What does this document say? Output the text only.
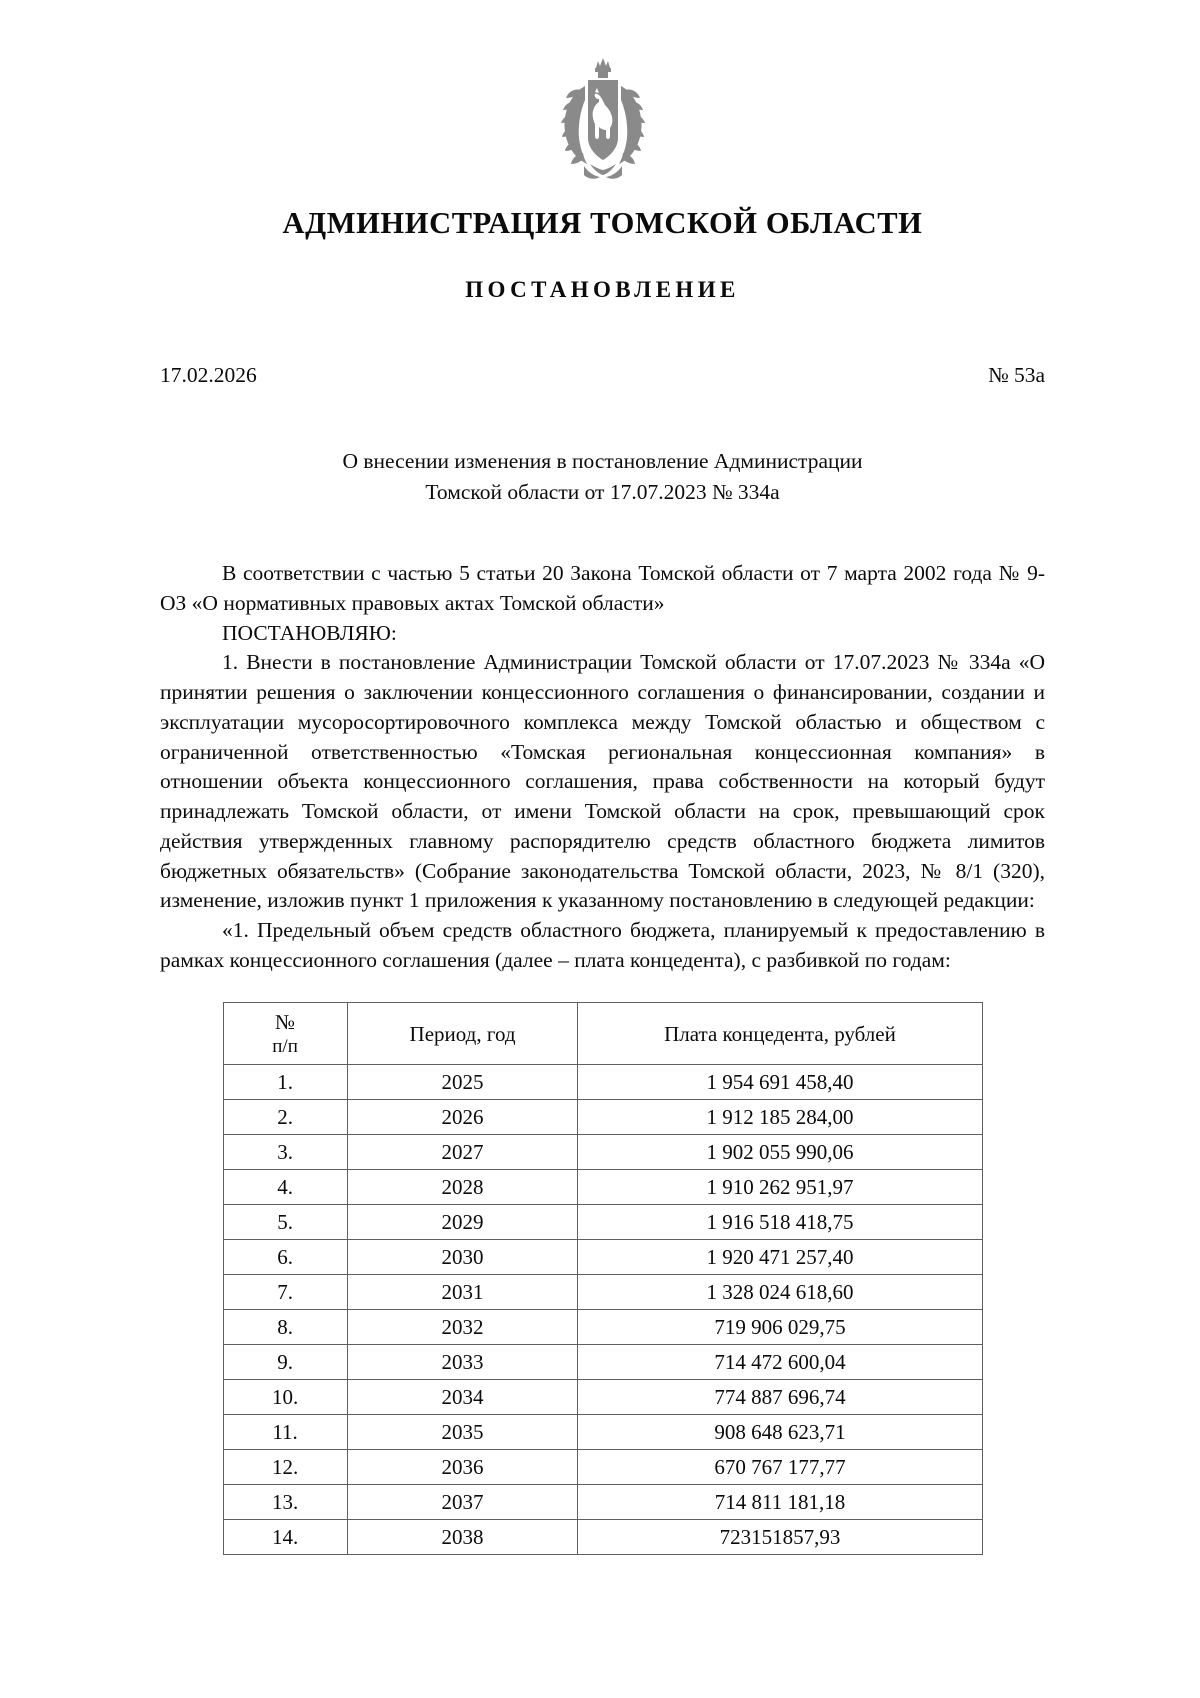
АДМИНИСТРАЦИЯ ТОМСКОЙ ОБЛАСТИ
ПОСТАНОВЛЕНИЕ
17.02.2026	№ 53а
О внесении изменения в постановление Администрации
Томской области от 17.07.2023 № 334а

В соответствии с частью 5 статьи 20 Закона Томской области от 7 марта 2002 года № 9-ОЗ «О нормативных правовых актах Томской области»

ПОСТАНОВЛЯЮ:

1. Внести в постановление Администрации Томской области от 17.07.2023 № 334а «О принятии решения о заключении концессионного соглашения о финансировании, создании и эксплуатации мусоросортировочного комплекса между Томской областью и обществом с ограниченной ответственностью «Томская региональная концессионная компания» в отношении объекта концессионного соглашения, права собственности на который будут принадлежать Томской области, от имени Томской области на срок, превышающий срок действия утвержденных главному распорядителю средств областного бюджета лимитов бюджетных обязательств» (Собрание законодательства Томской области, 2023, № 8/1 (320), изменение, изложив пункт 1 приложения к указанному постановлению в следующей редакции:

«1. Предельный объем средств областного бюджета, планируемый к предоставлению в рамках концессионного соглашения (далее – плата концедента), с разбивкой по годам:

№
п/п	Период, год	Плата концедента, рублей
1.	2025	1 954 691 458,40
2.	2026	1 912 185 284,00
3.	2027	1 902 055 990,06
4.	2028	1 910 262 951,97
5.	2029	1 916 518 418,75
6.	2030	1 920 471 257,40
7.	2031	1 328 024 618,60
8.	2032	719 906 029,75
9.	2033	714 472 600,04
10.	2034	774 887 696,74
11.	2035	908 648 623,71
12.	2036	670 767 177,77
13.	2037	714 811 181,18
14.	2038	723151857,93
